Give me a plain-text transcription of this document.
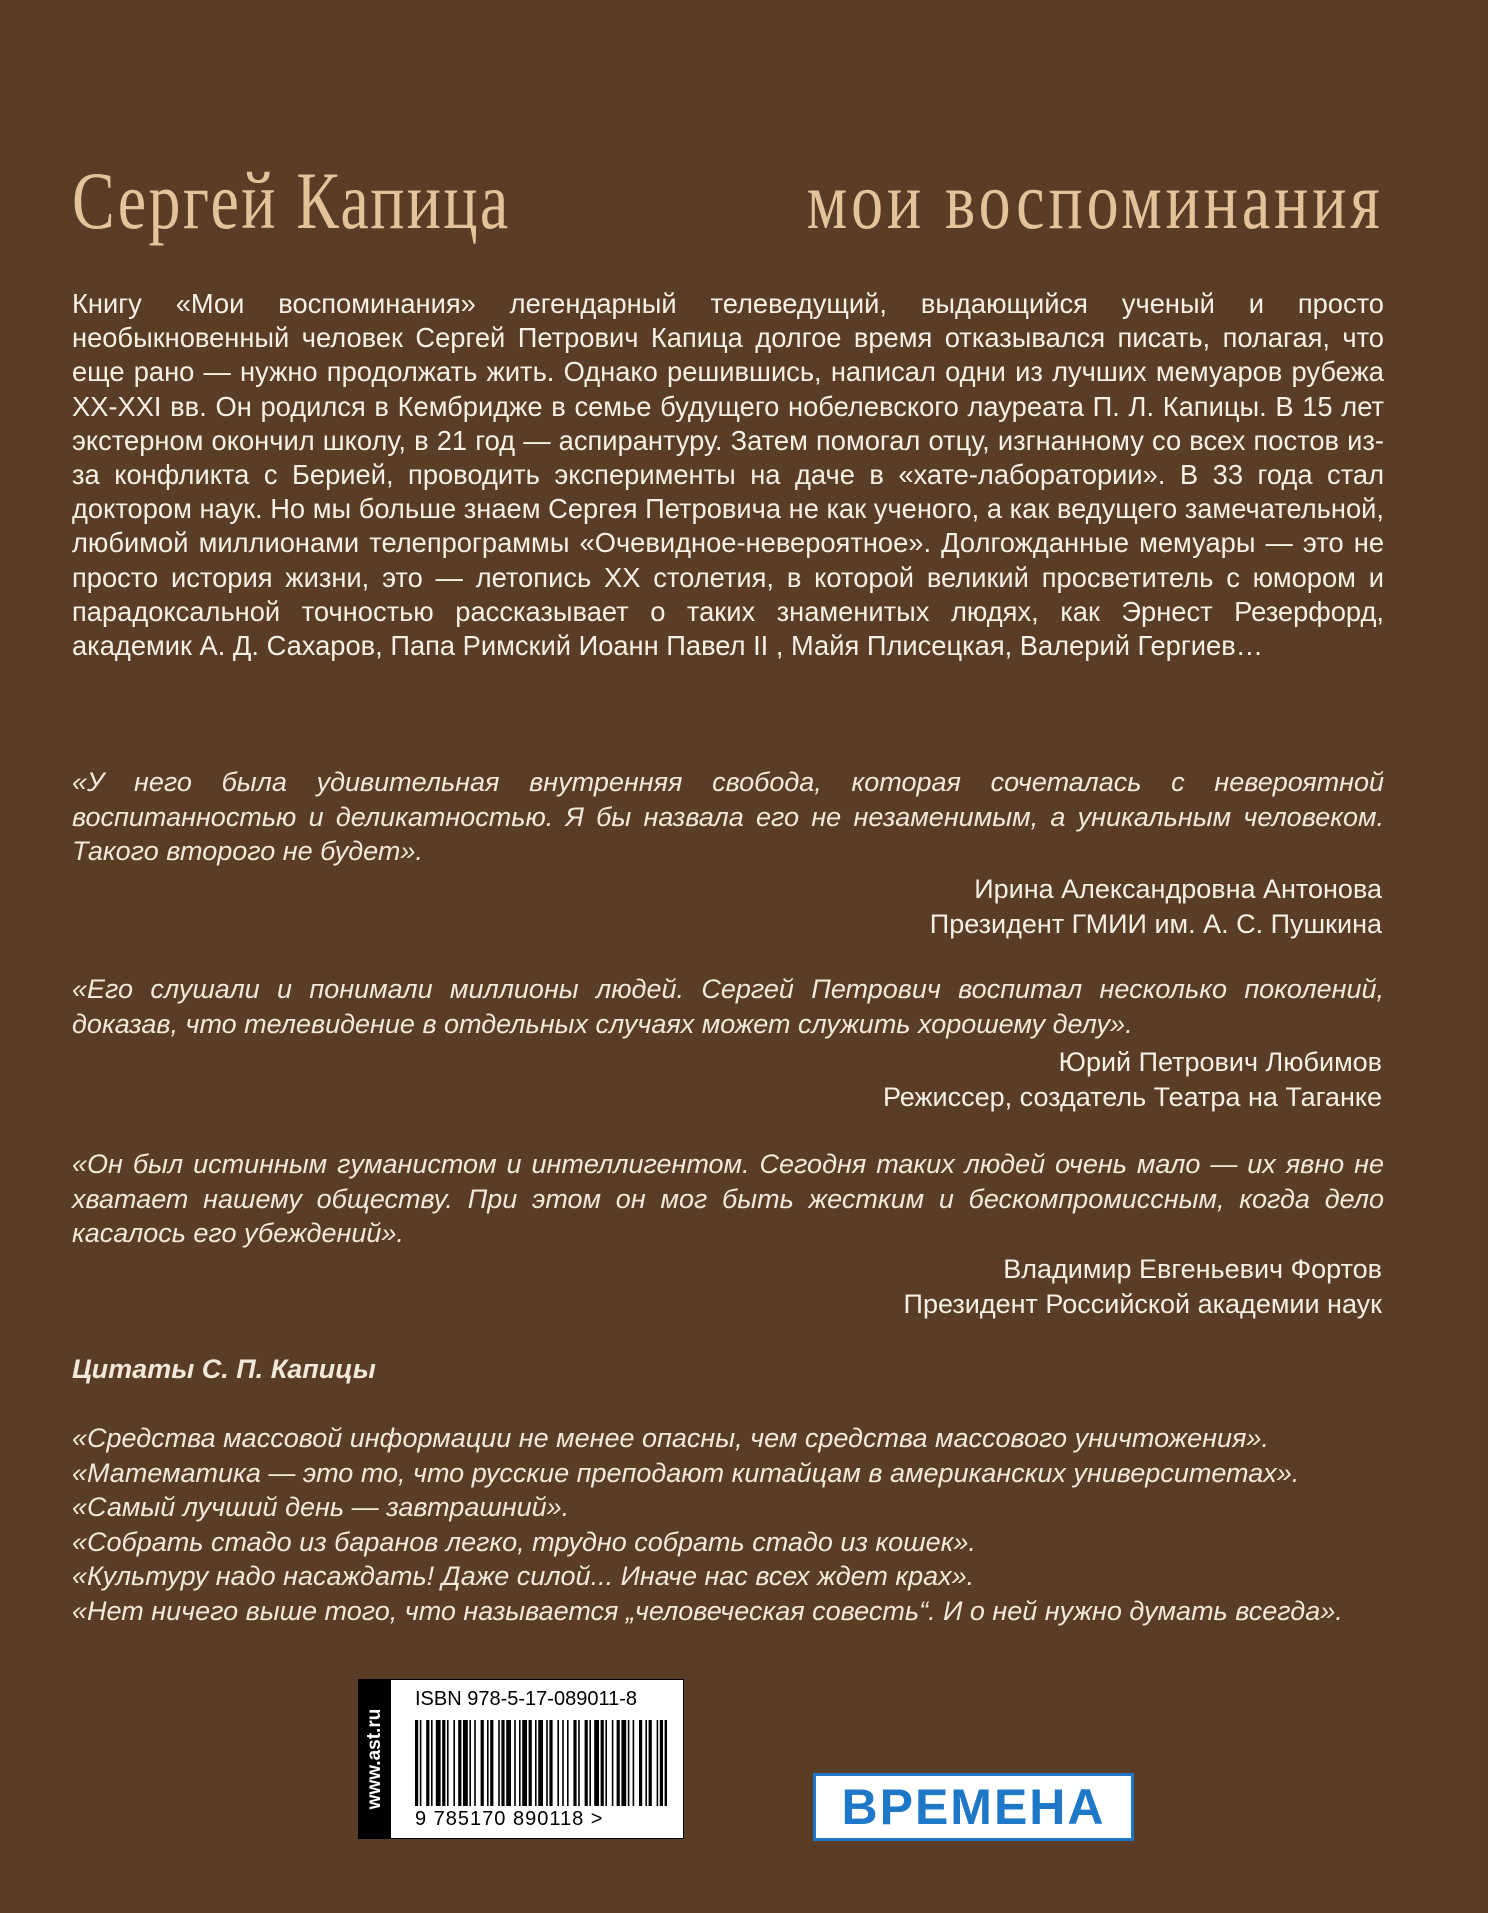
Сергей Капица	мои воспоминания
Книгу «Мои воспоминания» легендарный телеведущий, выдающийся ученый и просто необыкновенный человек Сергей Петрович Капица долгое время отказывался писать, полагая, что еще рано — нужно продолжать жить. Однако решившись, написал одни из лучших мемуаров рубежа XX-XXI вв. Он родился в Кембридже в семье будущего нобелевского лауреата П. Л. Капицы. В 15 лет экстерном окончил школу, в 21 год — аспирантуру. Затем помогал отцу, изгнанному со всех постов из-за конфликта с Берией, проводить эксперименты на даче в «хате-лаборатории». В 33 года стал доктором наук. Но мы больше знаем Сергея Петровича не как ученого, а как ведущего замечательной, любимой миллионами телепрограммы «Очевидное-невероятное». Долгожданные мемуары — это не просто история жизни, это — летопись XX столетия, в которой великий просветитель с юмором и парадоксальной точностью рассказывает о таких знаменитых людях, как Эрнест Резерфорд, академик А. Д. Сахаров, Папа Римский Иоанн Павел II , Майя Плисецкая, Валерий Гергиев…
«У него была удивительная внутренняя свобода, которая сочеталась с невероятной воспитанностью и деликатностью. Я бы назвала его не незаменимым, а уникальным человеком. Такого второго не будет».
Ирина Александровна Антонова
Президент ГМИИ им. А. С. Пушкина
«Его слушали и понимали миллионы людей. Сергей Петрович воспитал несколько поколений, доказав, что телевидение в отдельных случаях может служить хорошему делу».
Юрий Петрович Любимов
Режиссер, создатель Театра на Таганке
«Он был истинным гуманистом и интеллигентом. Сегодня таких людей очень мало — их явно не хватает нашему обществу. При этом он мог быть жестким и бескомпромиссным, когда дело касалось его убеждений».
Владимир Евгеньевич Фортов
Президент Российской академии наук
Цитаты С. П. Капицы
«Средства массовой информации не менее опасны, чем средства массового уничтожения».
«Математика — это то, что русские преподают китайцам в американских университетах».
«Самый лучший день — завтрашний».
«Собрать стадо из баранов легко, трудно собрать стадо из кошек».
«Культуру надо насаждать! Даже силой... Иначе нас всех ждет крах».
«Нет ничего выше того, что называется „человеческая совесть“. И о ней нужно думать всегда».
www.ast.ru
ISBN 978-5-17-089011-8
9 785170 890118 >	ВРЕМЕНА
